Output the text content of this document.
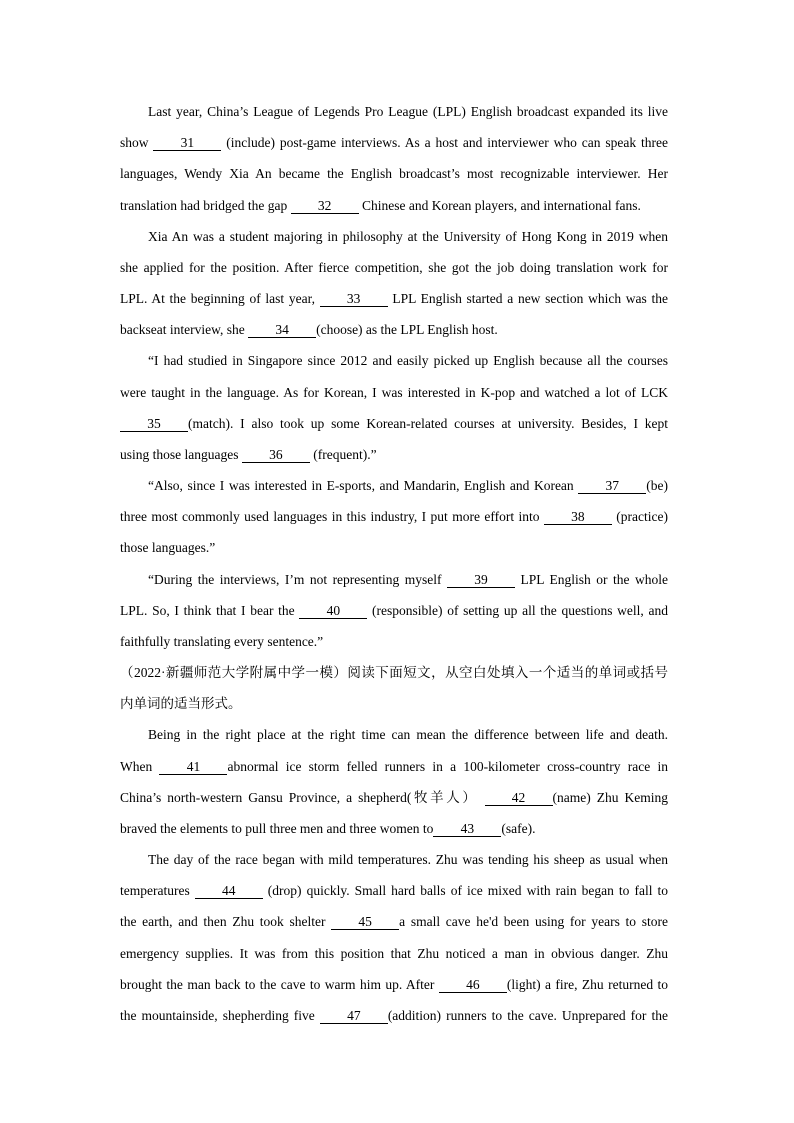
Last year, China’s League of Legends Pro League (LPL) English broadcast expanded its live
show 31 (include) post-game interviews. As a host and interviewer who can speak three
languages, Wendy Xia An became the English broadcast’s most recognizable interviewer. Her
translation had bridged the gap 32 Chinese and Korean players, and international fans.
Xia An was a student majoring in philosophy at the University of Hong Kong in 2019 when
she applied for the position. After fierce competition, she got the job doing translation work for
LPL. At the beginning of last year, 33 LPL English started a new section which was the
backseat interview, she 34 (choose) as the LPL English host.
“I had studied in Singapore since 2012 and easily picked up English because all the courses
were taught in the language. As for Korean, I was interested in K-pop and watched a lot of LCK
35 (match). I also took up some Korean-related courses at university. Besides, I kept
using those languages 36 (frequent).”
“Also, since I was interested in E-sports, and Mandarin, English and Korean 37 (be)
three most commonly used languages in this industry, I put more effort into 38 (practice)
those languages.”
“During the interviews, I’m not representing myself 39 LPL English or the whole
LPL. So, I think that I bear the 40 (responsible) of setting up all the questions well, and
faithfully translating every sentence.”
（2022·新疆师范大学附属中学一模）阅读下面短文，从空白处填入一个适当的单词或括号
内单词的适当形式。
Being in the right place at the right time can mean the difference between life and death.
When 41 abnormal ice storm felled runners in a 100-kilometer cross-country race in
China’s north-western Gansu Province, a shepherd(牧羊人） 42 (name) Zhu Keming
braved the elements to pull three men and three women to 43 (safe).
The day of the race began with mild temperatures. Zhu was tending his sheep as usual when
temperatures 44 (drop) quickly. Small hard balls of ice mixed with rain began to fall to
the earth, and then Zhu took shelter 45 a small cave he'd been using for years to store
emergency supplies. It was from this position that Zhu noticed a man in obvious danger. Zhu
brought the man back to the cave to warm him up. After 46 (light) a fire, Zhu returned to
the mountainside, shepherding five 47 (addition) runners to the cave. Unprepared for the
